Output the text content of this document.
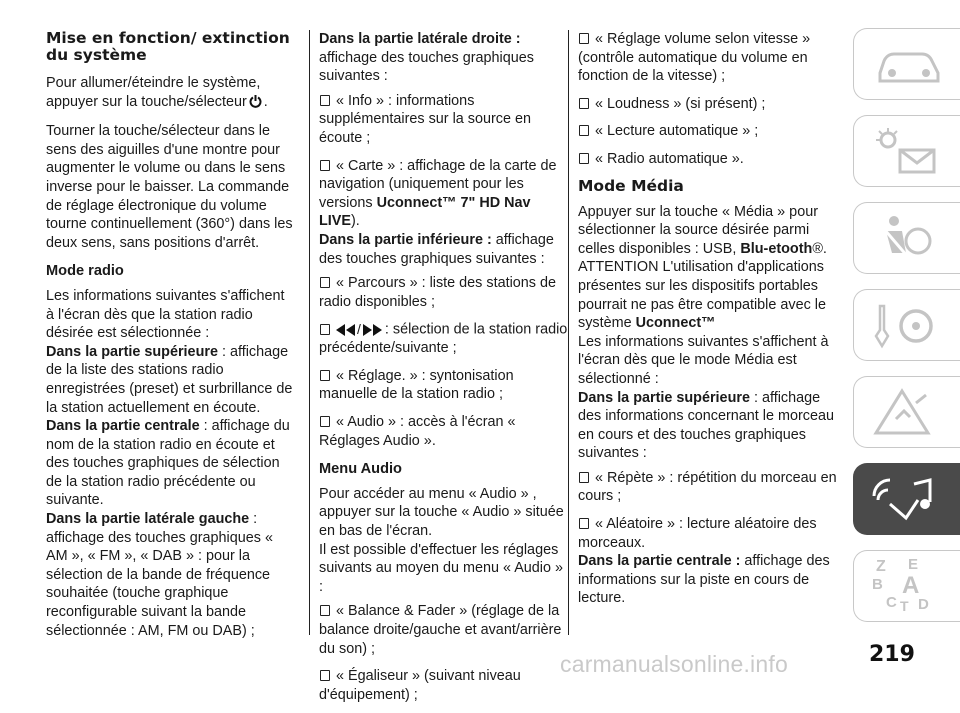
Mise en fonction/ extinction du système

Pour allumer/éteindre le système, appuyer sur la touche/sélecteur .

Tourner la touche/sélecteur dans le sens des aiguilles d'une montre pour augmenter le volume ou dans le sens inverse pour le baisser. La commande de réglage électronique du volume tourne continuellement (360°) dans les deux sens, sans positions d'arrêt.

Mode radio

Les informations suivantes s'affichent à l'écran dès que la station radio désirée est sélectionnée :

Dans la partie supérieure : affichage de la liste des stations radio enregistrées (preset) et surbrillance de la station actuellement en écoute.

Dans la partie centrale : affichage du nom de la station radio en écoute et des touches graphiques de sélection de la station radio précédente ou suivante.

Dans la partie latérale gauche : affichage des touches graphiques « AM », « FM », « DAB » : pour la sélection de la bande de fréquence souhaitée (touche graphique reconfigurable suivant la bande sélectionnée : AM, FM ou DAB) ;

Dans la partie latérale droite :
affichage des touches graphiques suivantes :

« Info » : informations supplémentaires sur la source en écoute ;
« Carte » : affichage de la carte de navigation (uniquement pour les versions Uconnect™ 7" HD Nav LIVE).

Dans la partie inférieure : affichage des touches graphiques suivantes :

« Parcours » : liste des stations de radio disponibles ;
/ : sélection de la station radio précédente/suivante ;
« Réglage. » : syntonisation manuelle de la station radio ;
« Audio » : accès à l'écran « Réglages Audio ».
Menu Audio

Pour accéder au menu « Audio » , appuyer sur la touche « Audio » située en bas de l'écran.

Il est possible d'effectuer les réglages suivants au moyen du menu « Audio » :

« Balance & Fader » (réglage de la balance droite/gauche et avant/arrière du son) ;
« Égaliseur » (suivant niveau d'équipement) ;
« Réglage volume selon vitesse » (contrôle automatique du volume en fonction de la vitesse) ;
« Loudness » (si présent) ;
« Lecture automatique » ;
« Radio automatique ».
Mode Média

Appuyer sur la touche « Média » pour sélectionner la source désirée parmi celles disponibles : USB, Blu-etooth®.

ATTENTION L'utilisation d'applications présentes sur les dispositifs portables pourrait ne pas être compatible avec le système Uconnect™

Les informations suivantes s'affichent à l'écran dès que le mode Média est sélectionné :

Dans la partie supérieure : affichage des informations concernant le morceau en cours et des touches graphiques suivantes :

« Répète » : répétition du morceau en cours ;
« Aléatoire » : lecture aléatoire des morceaux.

Dans la partie centrale : affichage des informations sur la piste en cours de lecture.

Z E
B A
C T D
219
carmanualsonline.info
